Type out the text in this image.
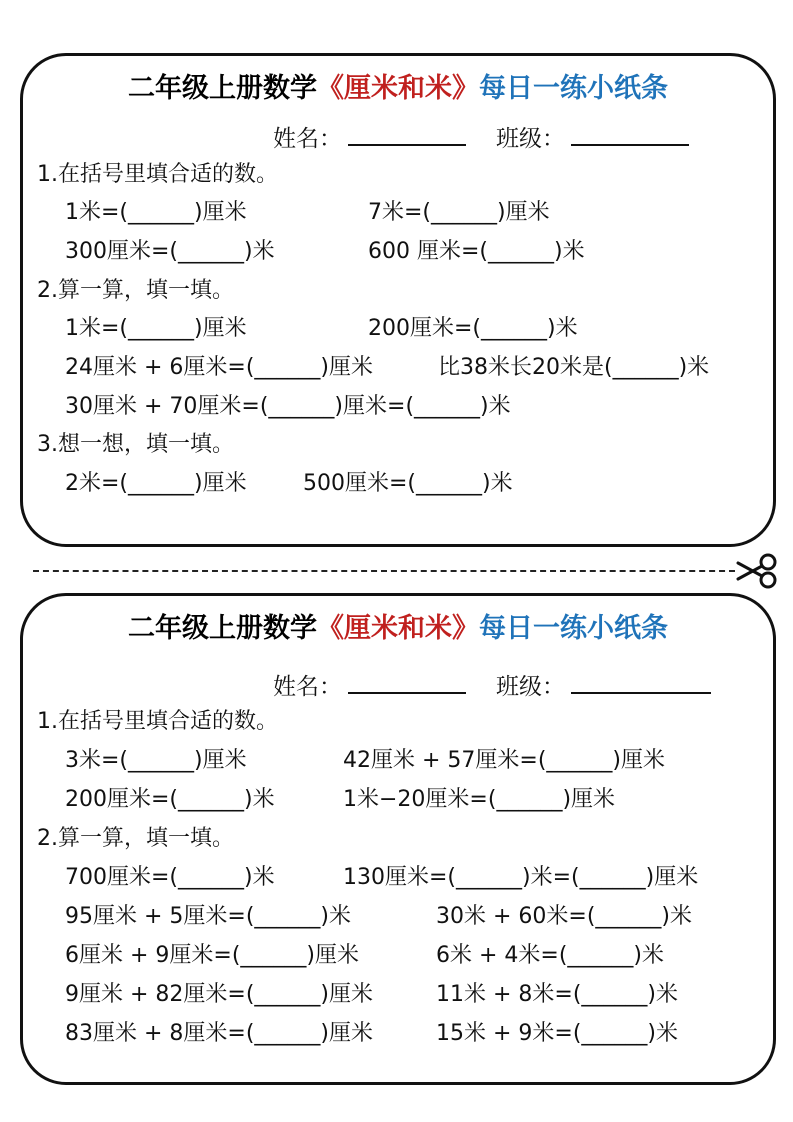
二年级上册数学《厘米和米》每日一练小纸条
姓名：	班级：
1.在括号里填合适的数。
1米=(______)厘米	7米=(______)厘米
300厘米=(______)米	600 厘米=(______)米
2.算一算，填一填。
1米=(______)厘米	200厘米=(______)米
24厘米 + 6厘米=(______)厘米	比38米长20米是(______)米
30厘米 + 70厘米=(______)厘米=(______)米
3.想一想，填一填。
2米=(______)厘米	500厘米=(______)米
二年级上册数学《厘米和米》每日一练小纸条
姓名：	班级：
1.在括号里填合适的数。
3米=(______)厘米	42厘米 + 57厘米=(______)厘米
200厘米=(______)米	1米−20厘米=(______)厘米
2.算一算，填一填。
700厘米=(______)米	130厘米=(______)米=(______)厘米
95厘米 + 5厘米=(______)米	30米 + 60米=(______)米
6厘米 + 9厘米=(______)厘米	6米 + 4米=(______)米
9厘米 + 82厘米=(______)厘米	11米 + 8米=(______)米
83厘米 + 8厘米=(______)厘米	15米 + 9米=(______)米
